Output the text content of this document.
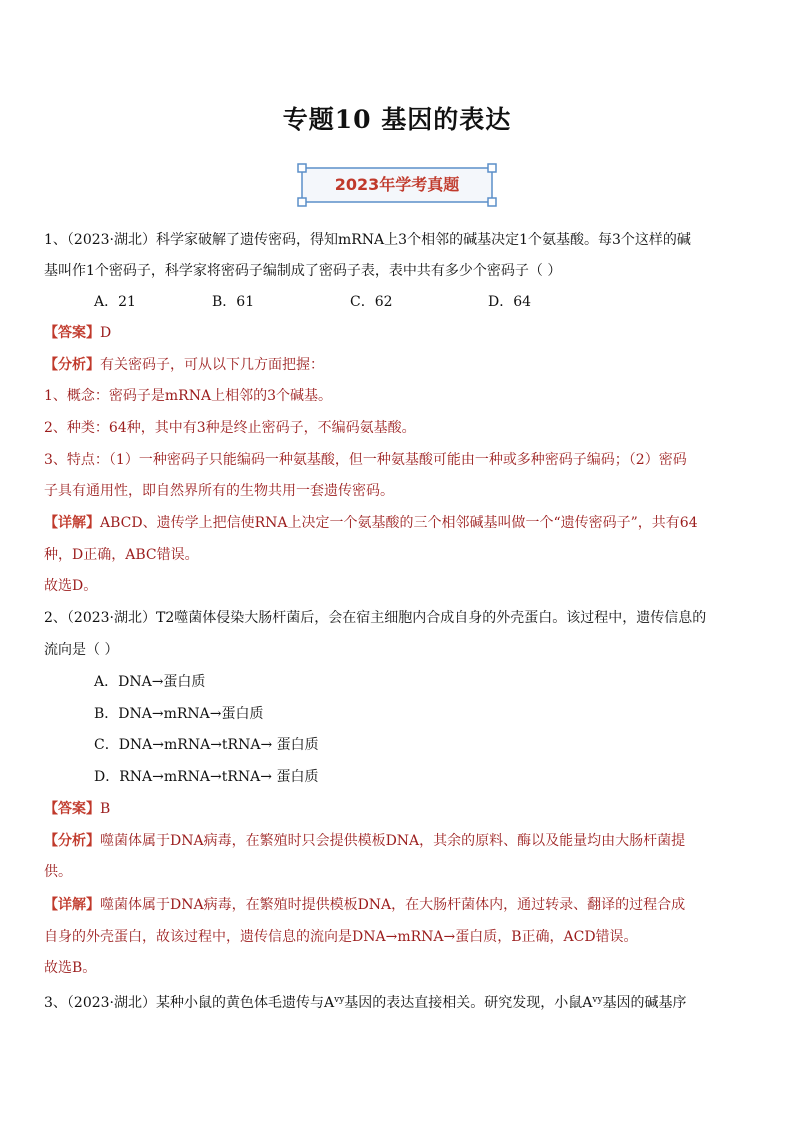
专题10 基因的表达
2023年学考真题
1、（2023·湖北）科学家破解了遗传密码，得知mRNA上3个相邻的碱基决定1个氨基酸。每3个这样的碱
基叫作1个密码子，科学家将密码子编制成了密码子表，表中共有多少个密码子（ ）
A．21	B．61	C．62	D．64
【答案】D
【分析】有关密码子，可从以下几方面把握：
1、概念：密码子是mRNA上相邻的3个碱基。
2、种类：64种，其中有3种是终止密码子，不编码氨基酸。
3、特点：（1）一种密码子只能编码一种氨基酸，但一种氨基酸可能由一种或多种密码子编码；（2）密码
子具有通用性，即自然界所有的生物共用一套遗传密码。
【详解】ABCD、遗传学上把信使RNA上决定一个氨基酸的三个相邻碱基叫做一个“遗传密码子”，共有64
种，D正确，ABC错误。
故选D。
2、（2023·湖北）T2噬菌体侵染大肠杆菌后，会在宿主细胞内合成自身的外壳蛋白。该过程中，遗传信息的
流向是（ ）
A．DNA→蛋白质
B．DNA→mRNA→蛋白质
C．DNA→mRNA→tRNA→ 蛋白质
D．RNA→mRNA→tRNA→ 蛋白质
【答案】B
【分析】噬菌体属于DNA病毒，在繁殖时只会提供模板DNA，其余的原料、酶以及能量均由大肠杆菌提
供。
【详解】噬菌体属于DNA病毒，在繁殖时提供模板DNA，在大肠杆菌体内，通过转录、翻译的过程合成
自身的外壳蛋白，故该过程中，遗传信息的流向是DNA→mRNA→蛋白质，B正确，ACD错误。
故选B。
3、（2023·湖北）某种小鼠的黄色体毛遗传与$A^{vy}$基因的表达直接相关。研究发现，小鼠$A^{vy}$基因的碱基序
